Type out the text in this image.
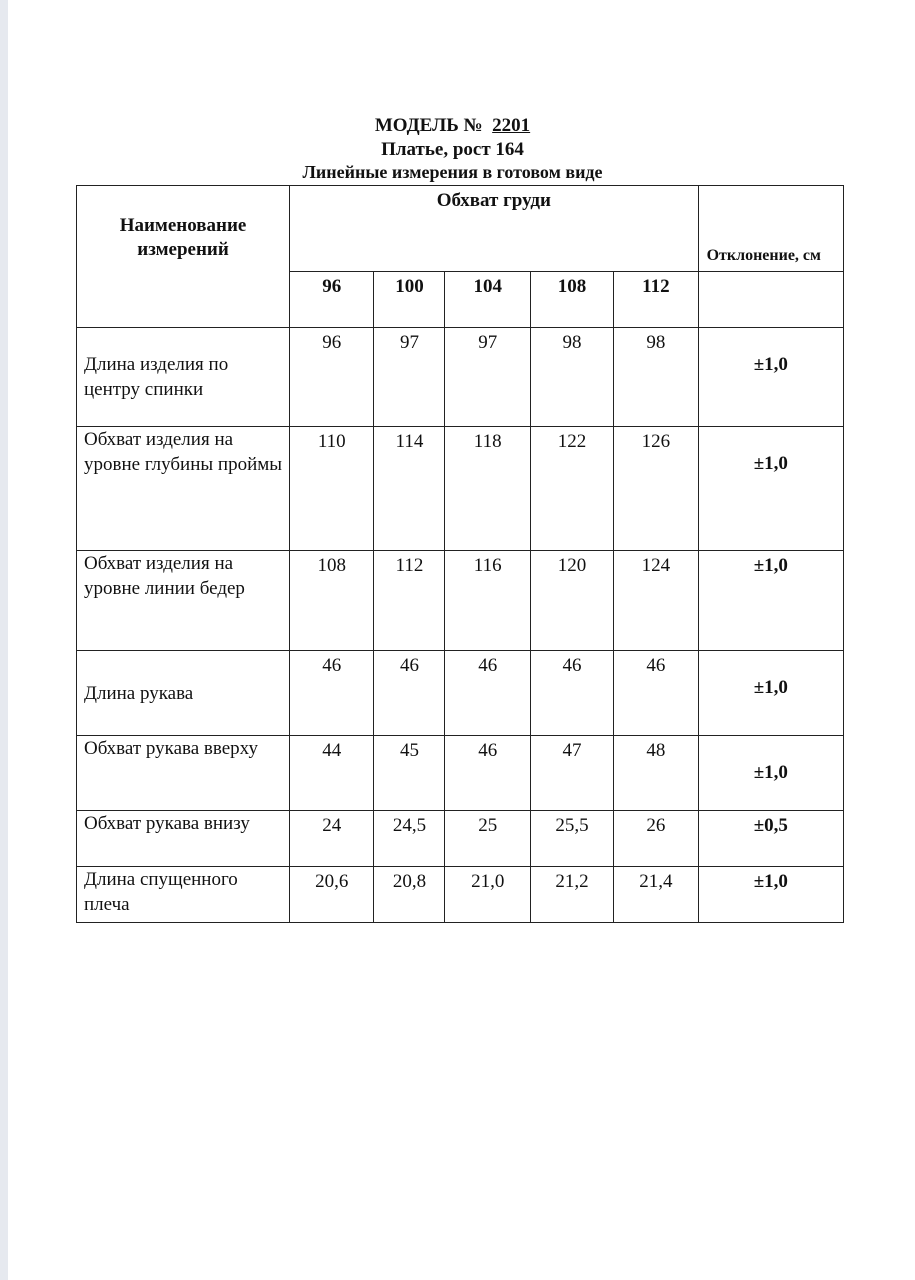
МОДЕЛЬ № 2201
Платье, рост 164
Линейные измерения в готовом виде
Наименование измерений	Обхват груди					Отклонение, см
	96	100	104	108	112	
Длина изделия по центру спинки	96	97	97	98	98	±1,0
Обхват изделия на уровне глубины проймы	110	114	118	122	126	±1,0
Обхват изделия на уровне линии бедер	108	112	116	120	124	±1,0
Длина рукава	46	46	46	46	46	±1,0
Обхват рукава вверху	44	45	46	47	48	±1,0
Обхват рукава внизу	24	24,5	25	25,5	26	±0,5
Длина спущенного плеча	20,6	20,8	21,0	21,2	21,4	±1,0
